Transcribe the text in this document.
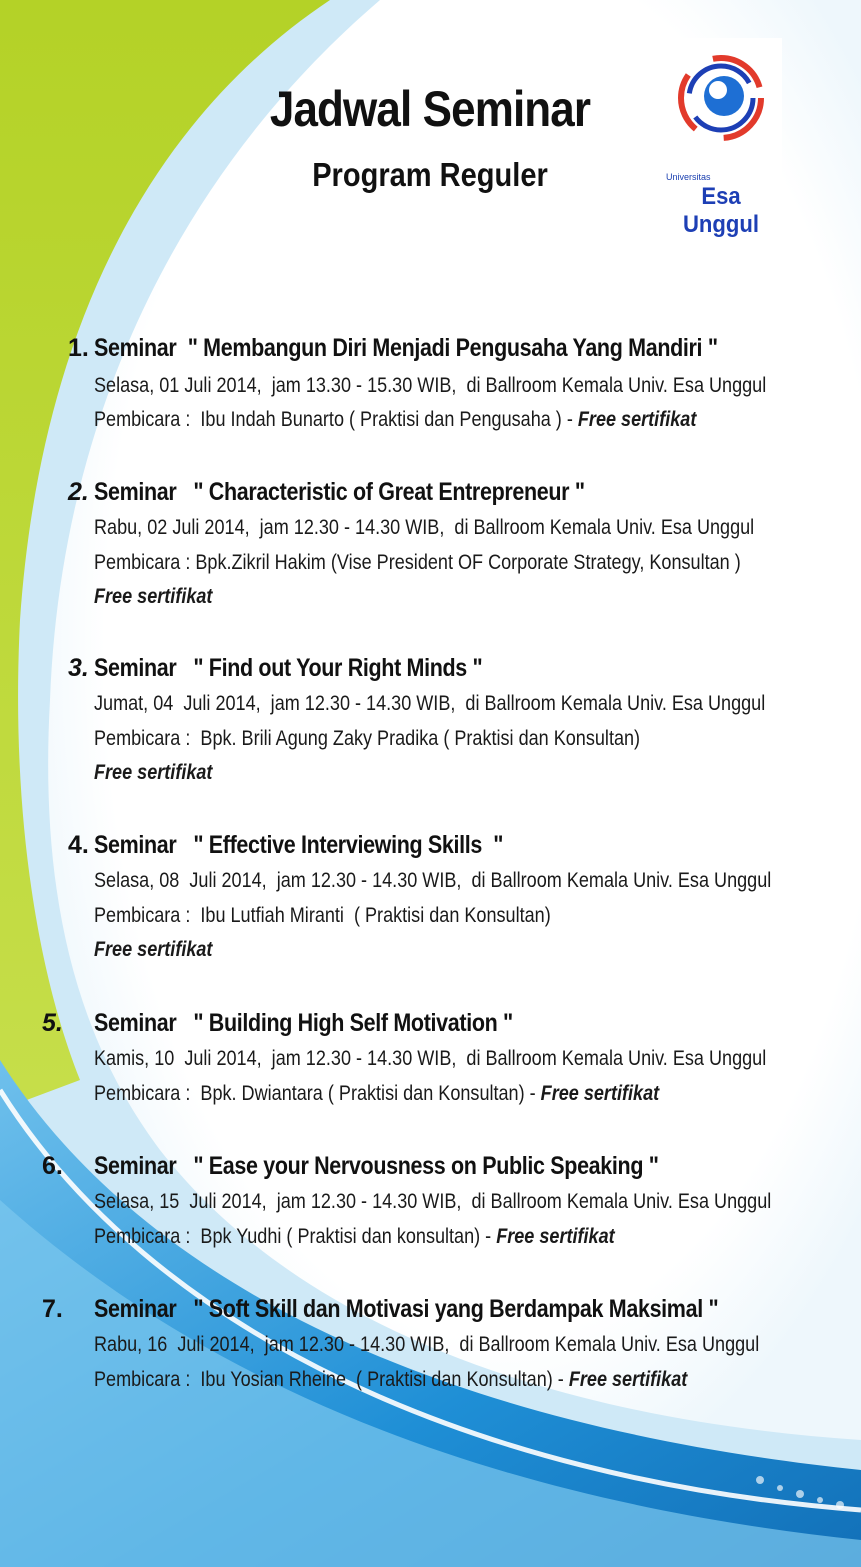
Universitas
Esa Unggul
Jadwal Seminar
Program Reguler
1. Seminar  " Membangun Diri Menjadi Pengusaha Yang Mandiri "
Selasa, 01 Juli 2014,  jam 13.30 - 15.30 WIB,  di Ballroom Kemala Univ. Esa Unggul
Pembicara :  Ibu Indah Bunarto ( Praktisi dan Pengusaha ) - Free sertifikat
2. Seminar   " Characteristic of Great Entrepreneur "
Rabu, 02 Juli 2014,  jam 12.30 - 14.30 WIB,  di Ballroom Kemala Univ. Esa Unggul
Pembicara : Bpk.Zikril Hakim (Vise President OF Corporate Strategy, Konsultan )
Free sertifikat
3. Seminar   " Find out Your Right Minds "
Jumat, 04  Juli 2014,  jam 12.30 - 14.30 WIB,  di Ballroom Kemala Univ. Esa Unggul
Pembicara :  Bpk. Brili Agung Zaky Pradika ( Praktisi dan Konsultan)
Free sertifikat
4. Seminar   " Effective Interviewing Skills  "
Selasa, 08  Juli 2014,  jam 12.30 - 14.30 WIB,  di Ballroom Kemala Univ. Esa Unggul
Pembicara :  Ibu Lutfiah Miranti  ( Praktisi dan Konsultan)
Free sertifikat
5. Seminar   " Building High Self Motivation "
Kamis, 10  Juli 2014,  jam 12.30 - 14.30 WIB,  di Ballroom Kemala Univ. Esa Unggul
Pembicara :  Bpk. Dwiantara ( Praktisi dan Konsultan) - Free sertifikat
6. Seminar   " Ease your Nervousness on Public Speaking "
Selasa, 15  Juli 2014,  jam 12.30 - 14.30 WIB,  di Ballroom Kemala Univ. Esa Unggul
Pembicara :  Bpk Yudhi ( Praktisi dan konsultan) - Free sertifikat
7. Seminar   " Soft Skill dan Motivasi yang Berdampak Maksimal "
Rabu, 16  Juli 2014,  jam 12.30 - 14.30 WIB,  di Ballroom Kemala Univ. Esa Unggul
Pembicara :  Ibu Yosian Rheine  ( Praktisi dan Konsultan) - Free sertifikat
